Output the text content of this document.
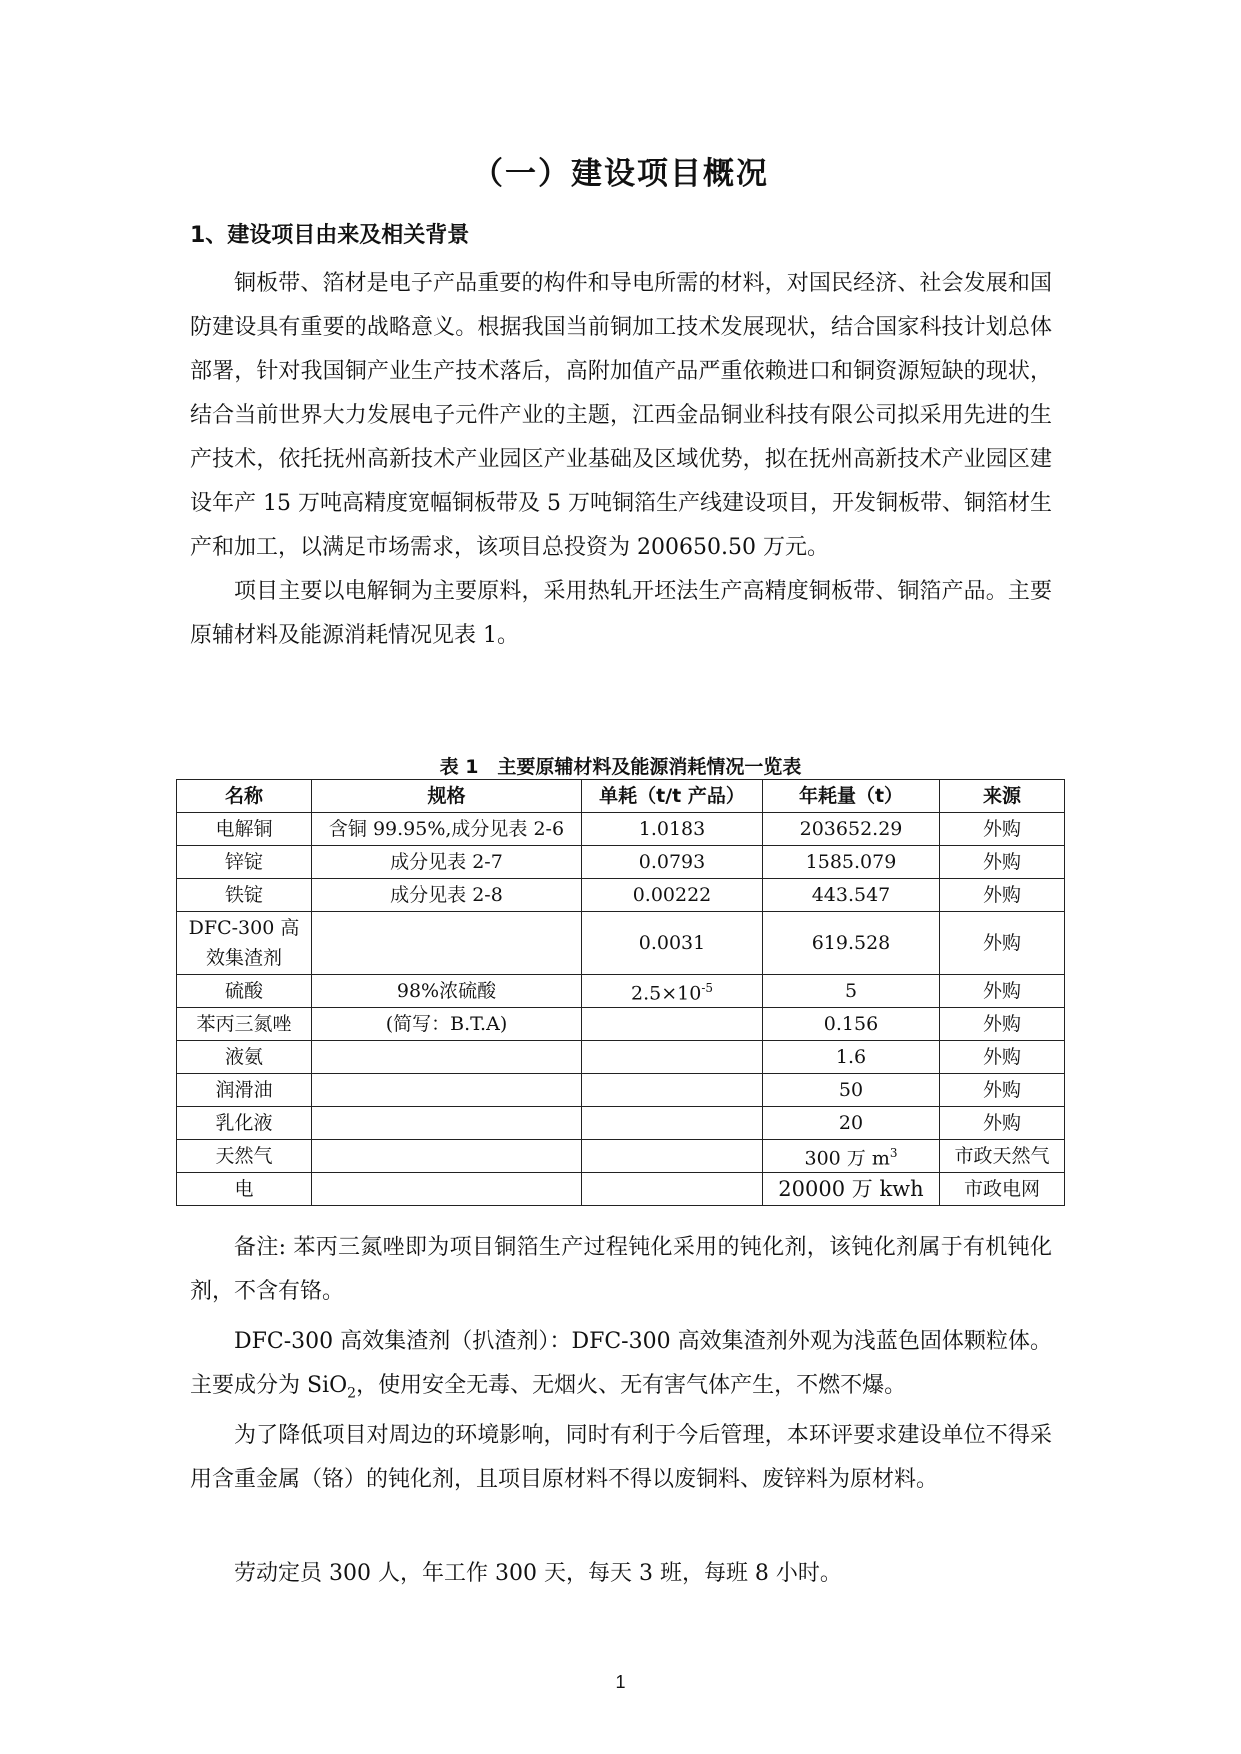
（一）建设项目概况
1、建设项目由来及相关背景

铜板带、箔材是电子产品重要的构件和导电所需的材料，对国民经济、社会发展和国防建设具有重要的战略意义。根据我国当前铜加工技术发展现状，结合国家科技计划总体部署，针对我国铜产业生产技术落后，高附加值产品严重依赖进口和铜资源短缺的现状，结合当前世界大力发展电子元件产业的主题，江西金品铜业科技有限公司拟采用先进的生产技术，依托抚州高新技术产业园区产业基础及区域优势，拟在抚州高新技术产业园区建设年产 15 万吨高精度宽幅铜板带及 5 万吨铜箔生产线建设项目，开发铜板带、铜箔材生产和加工，以满足市场需求，该项目总投资为 200650.50 万元。

项目主要以电解铜为主要原料，采用热轧开坯法生产高精度铜板带、铜箔产品。主要原辅材料及能源消耗情况见表 1。

表 1　主要原辅材料及能源消耗情况一览表

名称	规格	单耗（t/t 产品）	年耗量（t）	来源
电解铜	含铜 99.95%,成分见表 2-6	1.0183	203652.29	外购
锌锭	成分见表 2-7	0.0793	1585.079	外购
铁锭	成分见表 2-8	0.00222	443.547	外购
DFC-300 高效集渣剂		0.0031	619.528	外购
硫酸	98%浓硫酸	$2.5\times 10^{-5}$	5	外购
苯丙三氮唑	(简写：B.T.A)		0.156	外购
液氨			1.6	外购
润滑油			50	外购
乳化液			20	外购
天然气			300 万 $m^3$	市政天然气
电			20000 万 kwh	市政电网

备注: 苯丙三氮唑即为项目铜箔生产过程钝化采用的钝化剂，该钝化剂属于有机钝化剂，不含有铬。

DFC-300 高效集渣剂（扒渣剂）：DFC-300 高效集渣剂外观为浅蓝色固体颗粒体。主要成分为 SiO$_2$，使用安全无毒、无烟火、无有害气体产生，不燃不爆。

为了降低项目对周边的环境影响，同时有利于今后管理，本环评要求建设单位不得采用含重金属（铬）的钝化剂，且项目原材料不得以废铜料、废锌料为原材料。

劳动定员 300 人，年工作 300 天，每天 3 班，每班 8 小时。

1
